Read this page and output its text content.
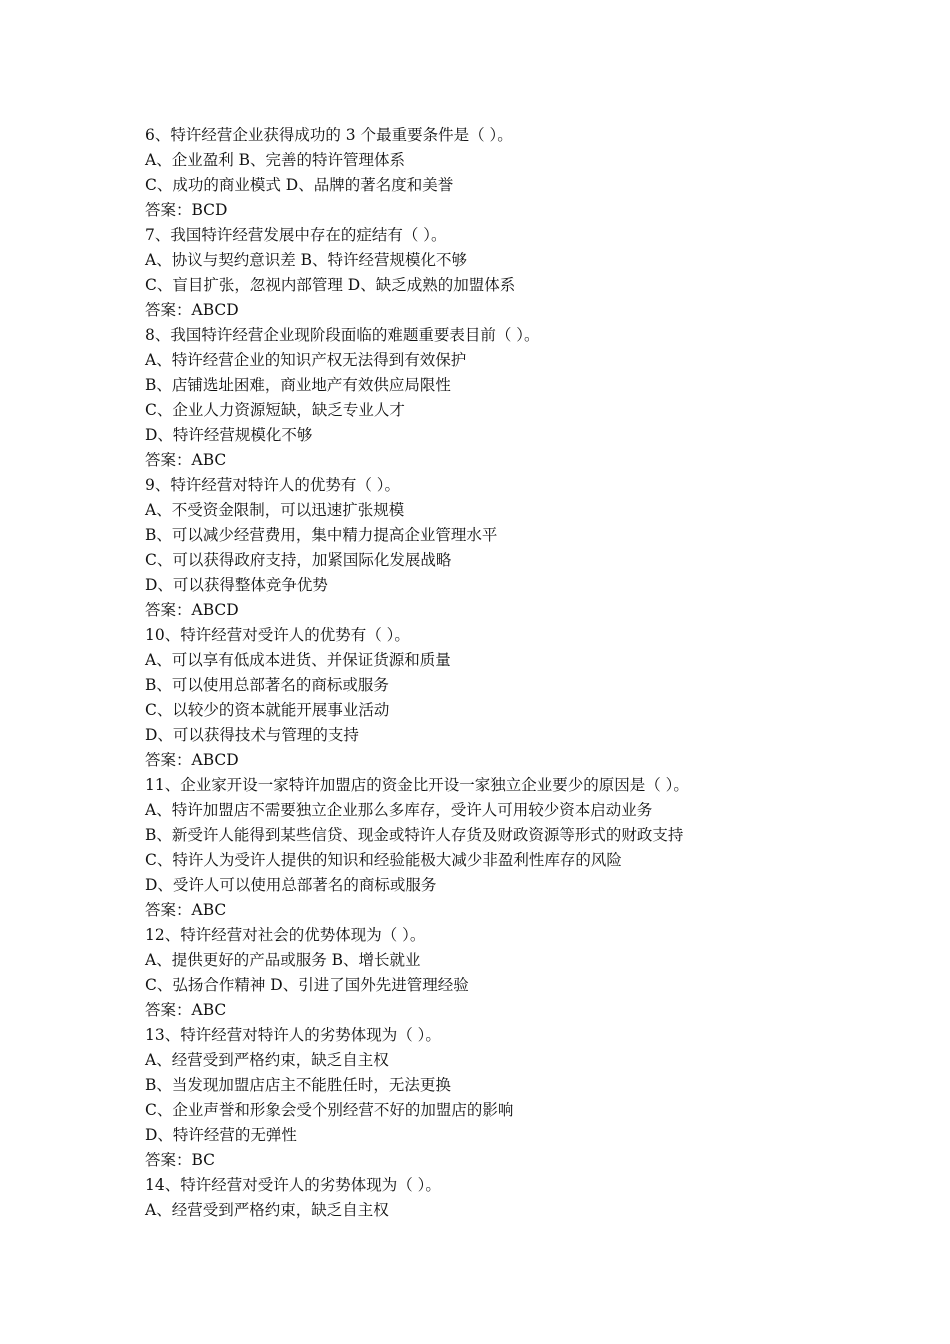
6、特许经营企业获得成功的 3 个最重要条件是（ ）。

A、企业盈利 B、完善的特许管理体系

C、成功的商业模式 D、品牌的著名度和美誉

答案：BCD

7、我国特许经营发展中存在的症结有（ ）。

A、协议与契约意识差 B、特许经营规模化不够

C、盲目扩张，忽视内部管理 D、缺乏成熟的加盟体系

答案：ABCD

8、我国特许经营企业现阶段面临的难题重要表目前（ ）。

A、特许经营企业的知识产权无法得到有效保护

B、店铺选址困难，商业地产有效供应局限性

C、企业人力资源短缺，缺乏专业人才

D、特许经营规模化不够

答案：ABC

9、特许经营对特许人的优势有（ ）。

A、不受资金限制，可以迅速扩张规模

B、可以减少经营费用，集中精力提高企业管理水平

C、可以获得政府支持，加紧国际化发展战略

D、可以获得整体竞争优势

答案：ABCD

10、特许经营对受许人的优势有（ ）。

A、可以享有低成本进货、并保证货源和质量

B、可以使用总部著名的商标或服务

C、以较少的资本就能开展事业活动

D、可以获得技术与管理的支持

答案：ABCD

11、企业家开设一家特许加盟店的资金比开设一家独立企业要少的原因是（ ）。

A、特许加盟店不需要独立企业那么多库存，受许人可用较少资本启动业务

B、新受许人能得到某些信贷、现金或特许人存货及财政资源等形式的财政支持

C、特许人为受许人提供的知识和经验能极大减少非盈利性库存的风险

D、受许人可以使用总部著名的商标或服务

答案：ABC

12、特许经营对社会的优势体现为（ ）。

A、提供更好的产品或服务 B、增长就业

C、弘扬合作精神 D、引进了国外先进管理经验

答案：ABC

13、特许经营对特许人的劣势体现为（ ）。

A、经营受到严格约束，缺乏自主权

B、当发现加盟店店主不能胜任时，无法更换

C、企业声誉和形象会受个别经营不好的加盟店的影响

D、特许经营的无弹性

答案：BC

14、特许经营对受许人的劣势体现为（ ）。

A、经营受到严格约束，缺乏自主权
